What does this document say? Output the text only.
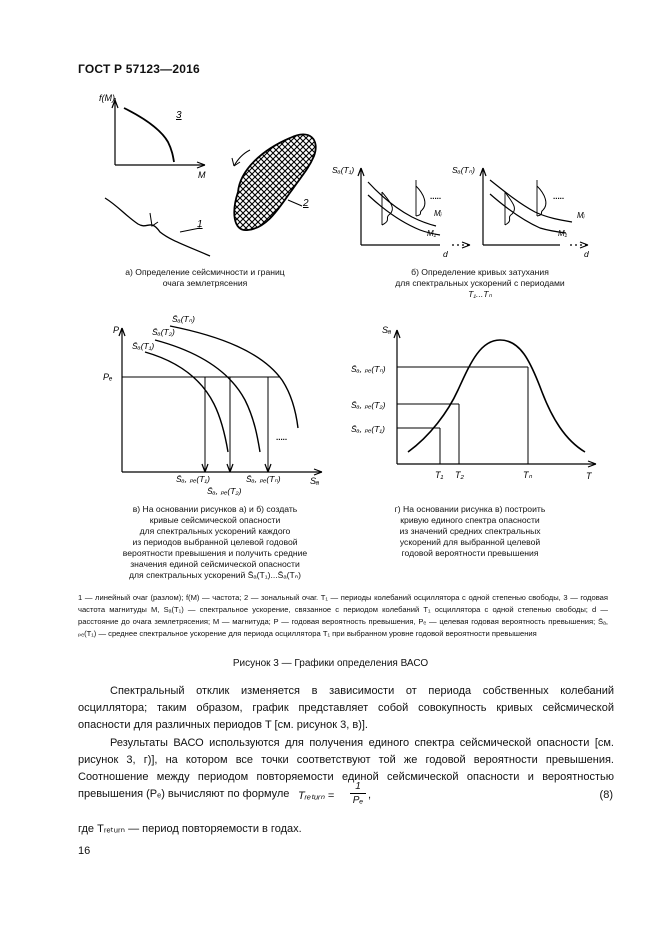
ГОСТ Р 57123—2016
f(M)
M
3
2
1
Sₐ(T₁)	Sₐ(Tₙ)
Mᵢ
M₁
.....
d
Mᵢ
M₁
.....
d
P
Pₑ
S̄ₐ(Tₙ)
S̄ₐ(T₂)
S̄ₐ(T₁)
.....
S̄ₐ, ₚₑ(T₁)	S̄ₐ, ₚₑ(Tₙ)
S̄ₐ, ₚₑ(T₂)
Sₐ
Sₐ
S̄ₐ, ₚₑ(Tₙ)
S̄ₐ, ₚₑ(T₂)
S̄ₐ, ₚₑ(T₁)
T₁ T₂	Tₙ	T
а) Определение сейсмичности и границ
очага землетрясения
б) Определение кривых затухания
для спектральных ускорений с периодами
T₁...Tₙ
в) На основании рисунков а) и б) создать
кривые сейсмической опасности
для спектральных ускорений каждого
из периодов выбранной целевой годовой
вероятности превышения и получить средние
значения единой сейсмической опасности
для спектральных ускорений S̄ₐ(T₁)...S̄ₐ(Tₙ)
г) На основании рисунка в) построить
кривую единого спектра опасности
из значений средних спектральных
ускорений для выбранной целевой
годовой вероятности превышения
1 — линейный очаг (разлом); f(M) — частота; 2 — зональный очаг. T₁ — периоды колебаний осциллятора с одной степенью свободы, 3 — годовая частота магнитуды M, Sₐ(T₁) — спектральное ускорение, связанное с периодом колебаний T₁ осциллятора с одной степенью свободы; d — расстояние до очага землетрясения; M — магнитуда; P — годовая вероятность превышения, Pₑ — целевая годовая вероятность превышения; S̄ₐ, ₚₑ(T₁) — среднее спектральное ускорение для периода осциллятора T₁ при выбранном уровне годовой вероятности превышения
Рисунок 3 — Графики определения ВАСО
Спектральный отклик изменяется в зависимости от периода собственных колебаний осциллятора; таким образом, график представляет собой совокупность кривых сейсмической опасности для различных периодов T [см. рисунок 3, в)].
Результаты ВАСО используются для получения единого спектра сейсмической опасности [см. рисунок 3, г)], на котором все точки соответствуют той же годовой вероятности превышения. Соотношение между периодом повторяемости единой сейсмической опасности и вероятностью превышения (Pₑ) вычисляют по формуле Tᵣₑₜᵤᵣₙ = $\frac{1}{\text{Pₑ}}$ ,	(8)
где Tᵣₑₜᵤᵣₙ — период повторяемости в годах.
16
